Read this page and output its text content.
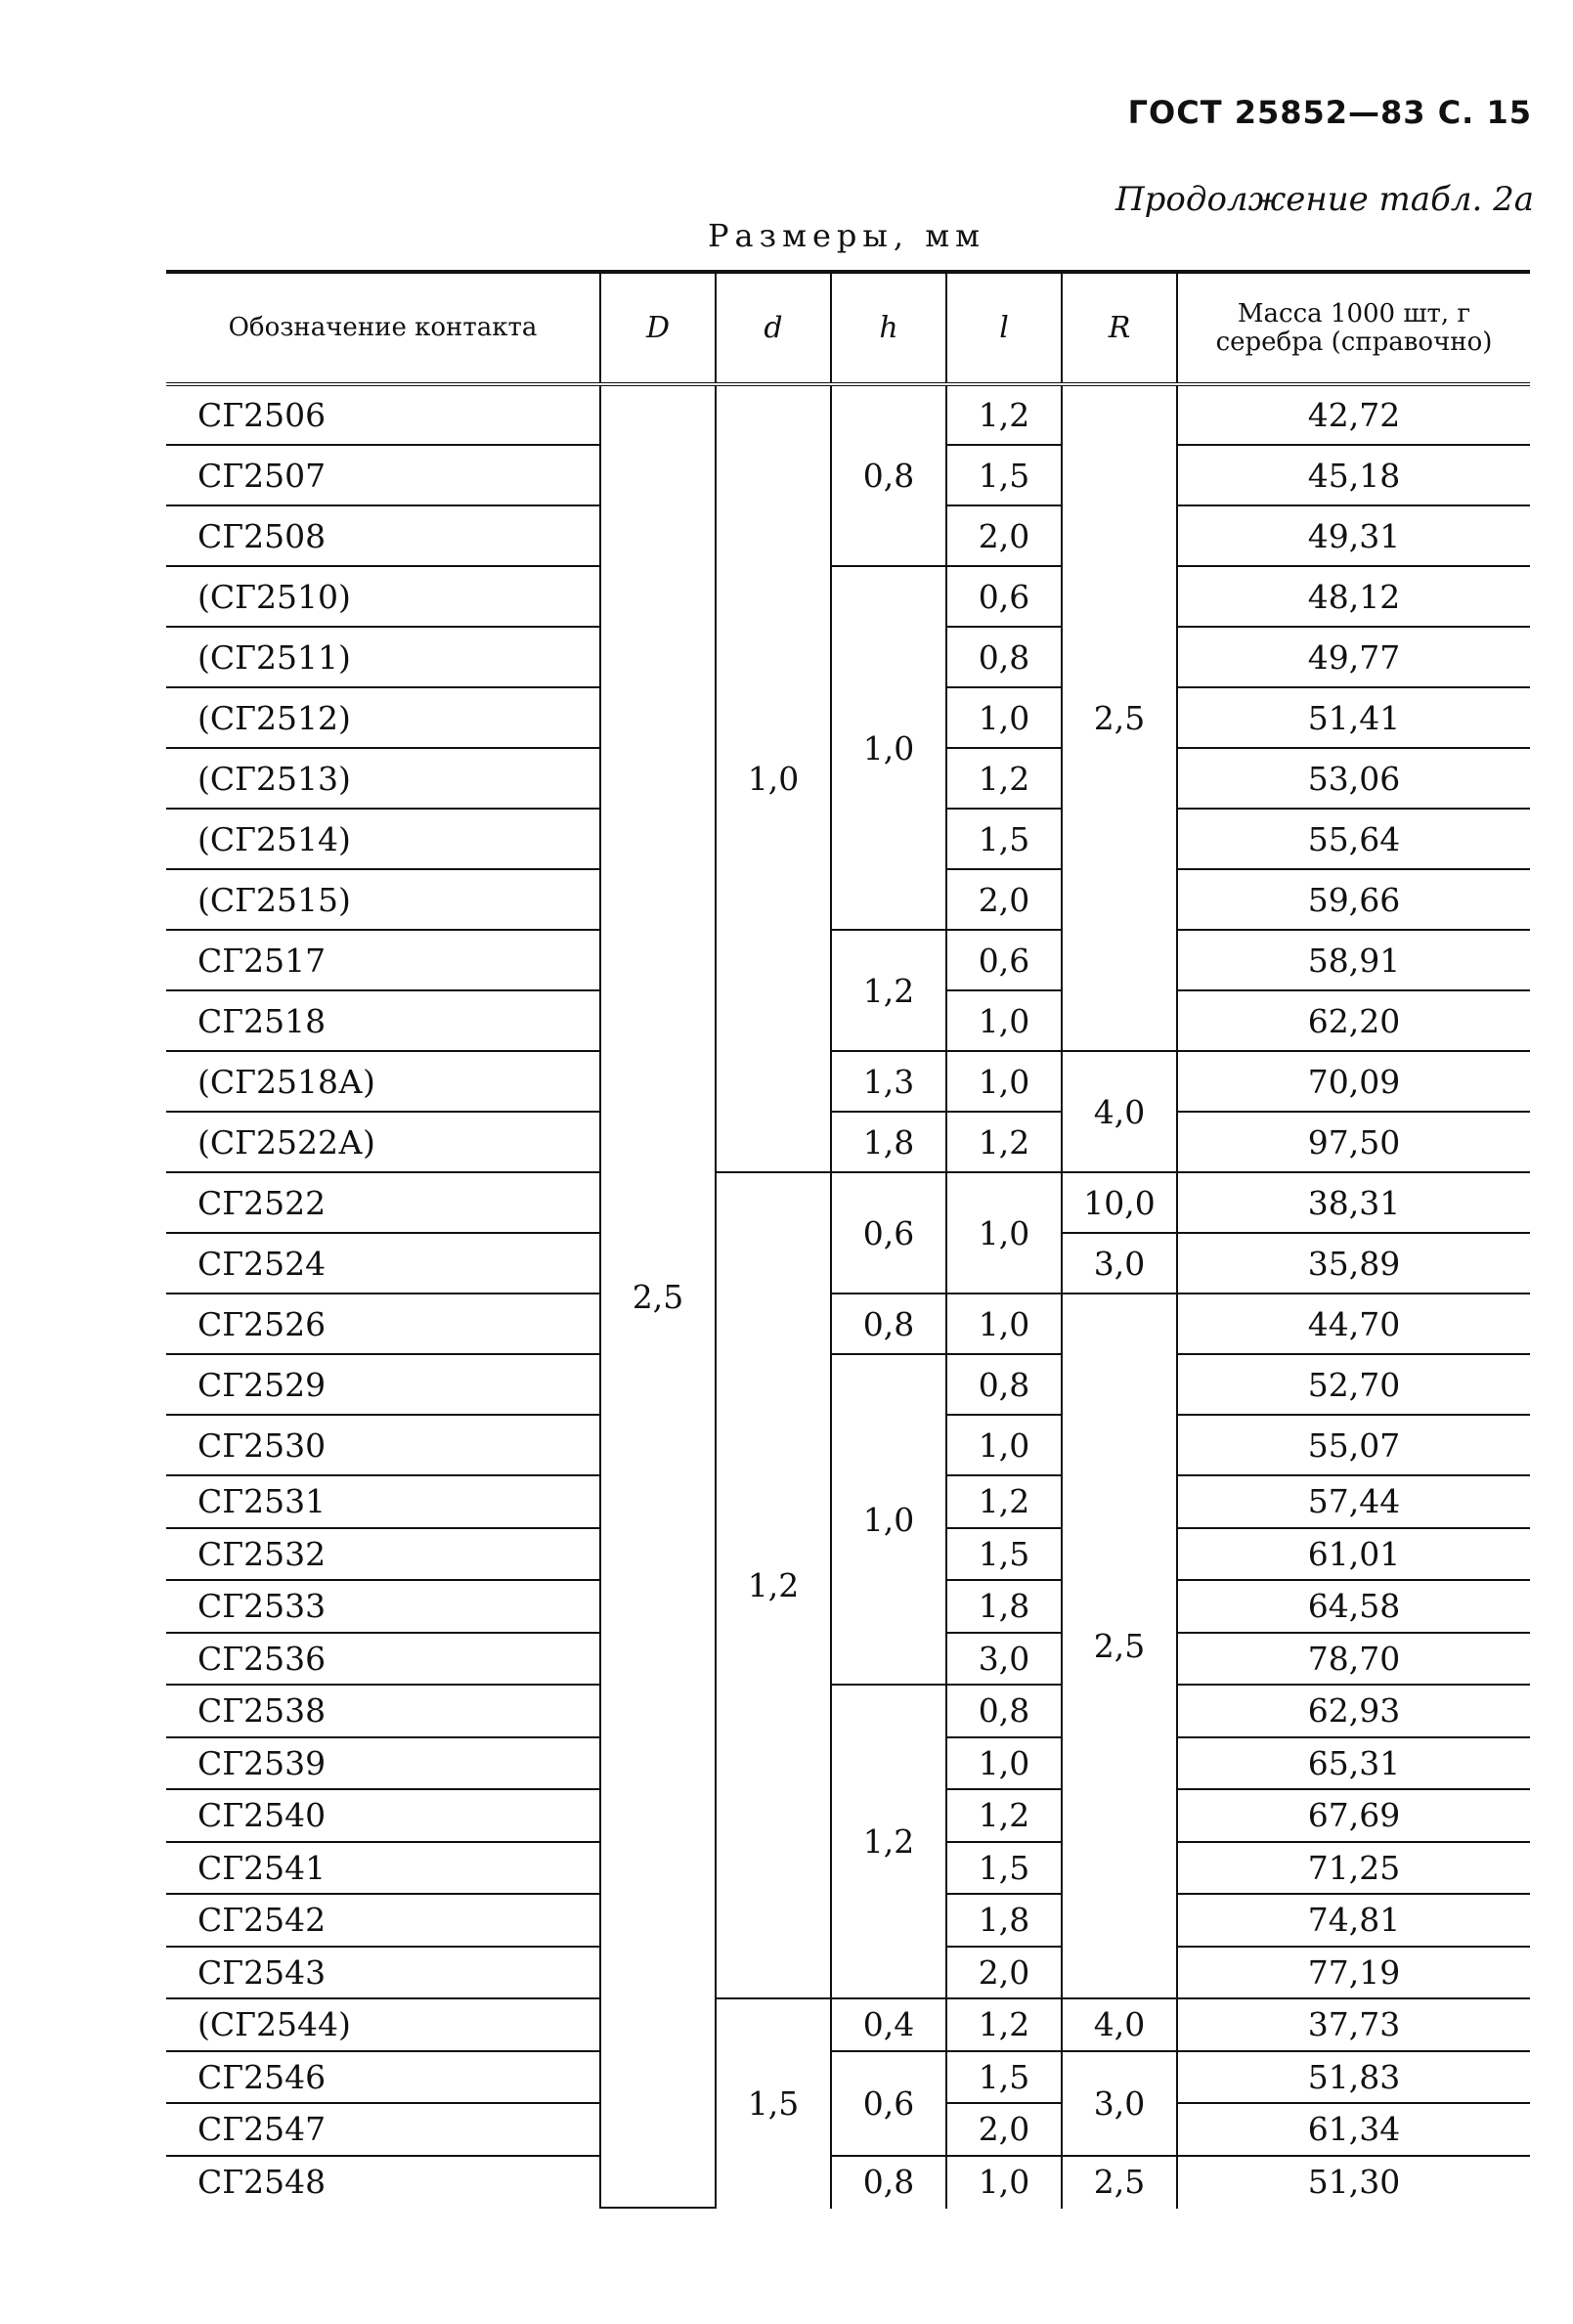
ГОСТ 25852—83 С. 15
Продолжение табл. 2а
Размеры, мм
Обозначение контакта	D	d	h	l	R	Масса 1000 шт, г серебра (справочно)
СГ2506	2,5	1,0	0,8	1,2	2,5	42,72
СГ2507				1,5		45,18
СГ2508				2,0		49,31
(СГ2510)			1,0	0,6		48,12
(СГ2511)				0,8		49,77
(СГ2512)				1,0		51,41
(СГ2513)				1,2		53,06
(СГ2514)				1,5		55,64
(СГ2515)				2,0		59,66
СГ2517			1,2	0,6		58,91
СГ2518				1,0		62,20
(СГ2518А)			1,3	1,0	4,0	70,09
(СГ2522А)			1,8	1,2		97,50
СГ2522		1,2	0,6	1,0	10,0	38,31
СГ2524					3,0	35,89
СГ2526			0,8	1,0	2,5	44,70
СГ2529			1,0	0,8		52,70
СГ2530				1,0		55,07
СГ2531				1,2		57,44
СГ2532				1,5		61,01
СГ2533				1,8		64,58
СГ2536				3,0		78,70
СГ2538			1,2	0,8		62,93
СГ2539				1,0		65,31
СГ2540				1,2		67,69
СГ2541				1,5		71,25
СГ2542				1,8		74,81
СГ2543				2,0		77,19
(СГ2544)		1,5	0,4	1,2	4,0	37,73
СГ2546			0,6	1,5	3,0	51,83
СГ2547				2,0		61,34
СГ2548			0,8	1,0	2,5	51,30
